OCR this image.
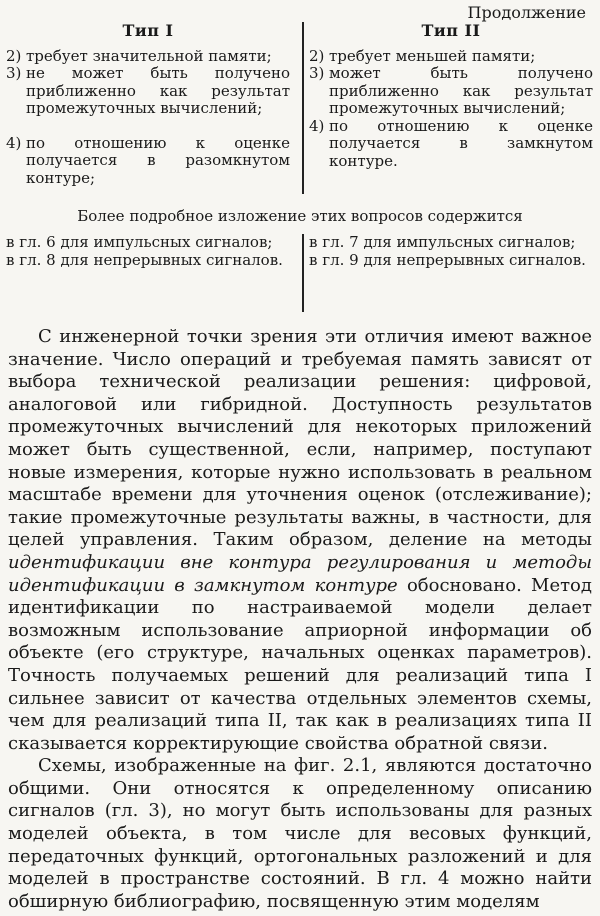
Продолжение
Тип I
2) требует значительной памяти;
3) не может быть получено приближенно как результат промежуточных вычислений;
4) по отношению к оценке получается в разомкнутом контуре;
Тип II
2) требует меньшей памяти;
3) может быть получено приближенно как результат промежуточных вычислений;
4) по отношению к оценке получается в замкнутом контуре.
Более подробное изложение этих вопросов содержится
в гл. 6 для импульсных сигналов;
в гл. 8 для непрерывных сигналов.
в гл. 7 для импульсных сигналов;
в гл. 9 для непрерывных сигналов.

С инженерной точки зрения эти отличия имеют важное значение. Число операций и требуемая память зависят от выбора технической реализации решения: цифровой, аналоговой или гибридной. Доступность результатов промежуточных вычислений для некоторых приложений может быть существенной, если, например, поступают новые измерения, которые нужно использовать в реальном масштабе времени для уточнения оценок (отслеживание); такие промежуточные результаты важны, в частности, для целей управления. Таким образом, деление на методы идентификации вне контура регулирования и методы идентификации в замкнутом контуре обосновано. Метод идентификации по настраиваемой модели делает возможным использование априорной информации об объекте (его структуре, начальных оценках параметров). Точность получаемых решений для реализаций типа I сильнее зависит от качества отдельных элементов схемы, чем для реализаций типа II, так как в реализациях типа II сказывается корректирующие свойства обратной связи.

Схемы, изображенные на фиг. 2.1, являются достаточно общими. Они относятся к определенному описанию сигналов (гл. 3), но могут быть использованы для разных моделей объекта, в том числе для весовых функций, передаточных функций, ортогональных разложений и для моделей в пространстве состояний. В гл. 4 можно найти обширную библиографию, посвященную этим моделям
